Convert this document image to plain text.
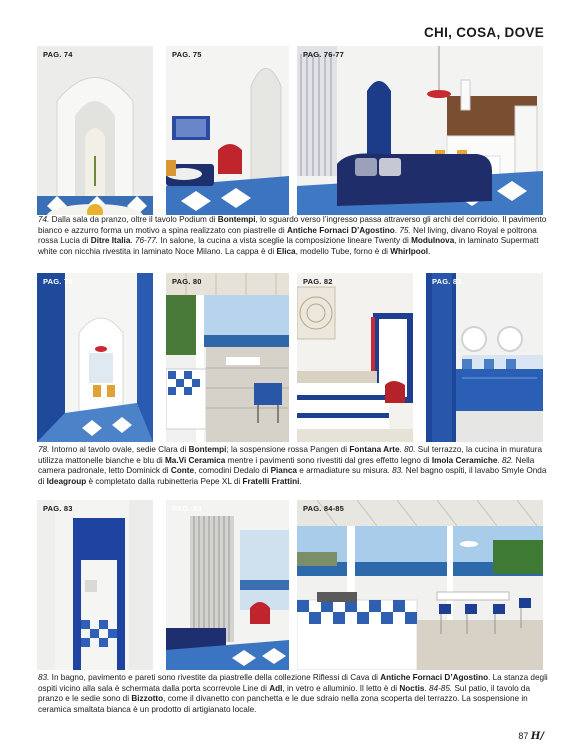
CHI, COSA, DOVE
PAG. 74	PAG. 75	PAG. 76-77

74. Dalla sala da pranzo, oltre il tavolo Podium di Bontempi, lo sguardo verso l’ingresso passa attraverso gli archi del corridoio. Il pavimento bianco e azzurro forma un motivo a spina realizzato con piastrelle di Antiche Fornaci D’Agostino. 75. Nel living, divano Royal e poltrona rossa Lucia di Ditre Italia. 76-77. In salone, la cucina a vista sceglie la composizione lineare Twenty di Modulnova, in laminato Supermatt white con nicchia rivestita in laminato Noce Milano. La cappa è di Elica, modello Tube, forno è di Whirlpool.

PAG. 78	PAG. 80	PAG. 82	PAG. 83

78. Intorno al tavolo ovale, sedie Clara di Bontempi; la sospensione rossa Pangen di Fontana Arte. 80. Sul terrazzo, la cucina in muratura utilizza mattonelle bianche e blu di Ma.Vi Ceramica mentre i pavimenti sono rivestiti dal gres effetto legno di Imola Ceramiche. 82. Nella camera padronale, letto Dominick di Conte, comodini Dedalo di Pianca e armadiature su misura. 83. Nel bagno ospiti, il lavabo Smyle Onda di Ideagroup è completato dalla rubinetteria Pepe XL di Fratelli Frattini.

PAG. 83	PAG. 83	PAG. 84-85

83. In bagno, pavimento e pareti sono rivestite da piastrelle della collezione Riflessi di Cava di Antiche Fornaci D’Agostino. La stanza degli ospiti vicino alla sala è schermata dalla porta scorrevole Line di Adl, in vetro e alluminio. Il letto è di Noctis. 84-85. Sul patio, il tavolo da pranzo e le sedie sono di Bizzotto, come il divanetto con panchetta e le due sdraio nella zona scoperta del terrazzo. La sospensione in ceramica smaltata bianca è un prodotto di artigianato locale.

87 H/
